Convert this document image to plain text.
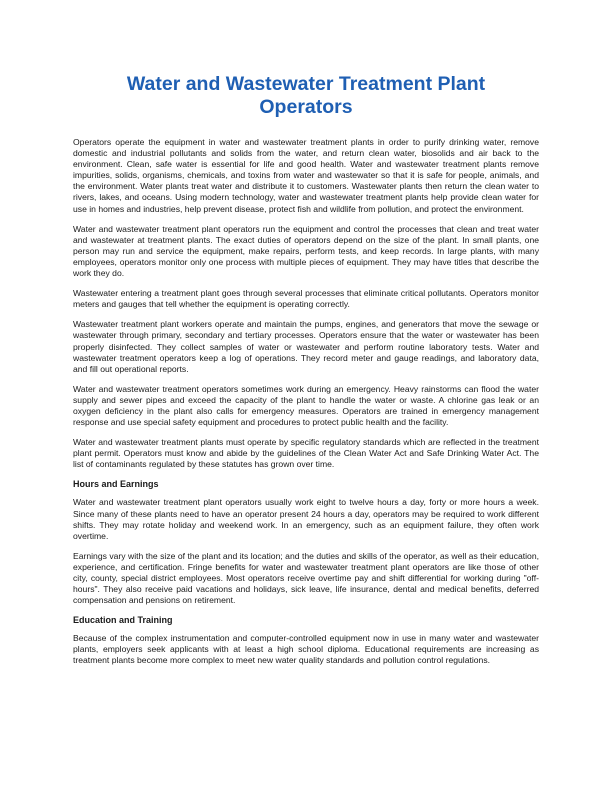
Water and Wastewater Treatment Plant
Operators

Operators operate the equipment in water and wastewater treatment plants in order to purify drinking water, remove domestic and industrial pollutants and solids from the water, and return clean water, biosolids and air back to the environment. Clean, safe water is essential for life and good health. Water and wastewater treatment plants remove impurities, solids, organisms, chemicals, and toxins from water and wastewater so that it is safe for people, animals, and the environment. Water plants treat water and distribute it to customers. Wastewater plants then return the clean water to rivers, lakes, and oceans. Using modern technology, water and wastewater treatment plants help provide clean water for use in homes and industries, help prevent disease, protect fish and wildlife from pollution, and protect the environment.

Water and wastewater treatment plant operators run the equipment and control the processes that clean and treat water and wastewater at treatment plants. The exact duties of operators depend on the size of the plant. In small plants, one person may run and service the equipment, make repairs, perform tests, and keep records. In large plants, with many employees, operators monitor only one process with multiple pieces of equipment. They may have titles that describe the work they do.

Wastewater entering a treatment plant goes through several processes that eliminate critical pollutants. Operators monitor meters and gauges that tell whether the equipment is operating correctly.

Wastewater treatment plant workers operate and maintain the pumps, engines, and generators that move the sewage or wastewater through primary, secondary and tertiary processes. Operators ensure that the water or wastewater has been properly disinfected. They collect samples of water or wastewater and perform routine laboratory tests. Water and wastewater treatment operators keep a log of operations. They record meter and gauge readings, and laboratory data, and fill out operational reports.

Water and wastewater treatment operators sometimes work during an emergency. Heavy rainstorms can flood the water supply and sewer pipes and exceed the capacity of the plant to handle the water or waste. A chlorine gas leak or an oxygen deficiency in the plant also calls for emergency measures. Operators are trained in emergency management response and use special safety equipment and procedures to protect public health and the facility.

Water and wastewater treatment plants must operate by specific regulatory standards which are reflected in the treatment plant permit. Operators must know and abide by the guidelines of the Clean Water Act and Safe Drinking Water Act. The list of contaminants regulated by these statutes has grown over time.

Hours and Earnings

Water and wastewater treatment plant operators usually work eight to twelve hours a day, forty or more hours a week. Since many of these plants need to have an operator present 24 hours a day, operators may be required to work different shifts. They may rotate holiday and weekend work. In an emergency, such as an equipment failure, they often work overtime.

Earnings vary with the size of the plant and its location; and the duties and skills of the operator, as well as their education, experience, and certification. Fringe benefits for water and wastewater treatment plant operators are like those of other city, county, special district employees. Most operators receive overtime pay and shift differential for working during "off-hours". They also receive paid vacations and holidays, sick leave, life insurance, dental and medical benefits, deferred compensation and pensions on retirement.

Education and Training

Because of the complex instrumentation and computer-controlled equipment now in use in many water and wastewater plants, employers seek applicants with at least a high school diploma. Educational requirements are increasing as treatment plants become more complex to meet new water quality standards and pollution control regulations.
